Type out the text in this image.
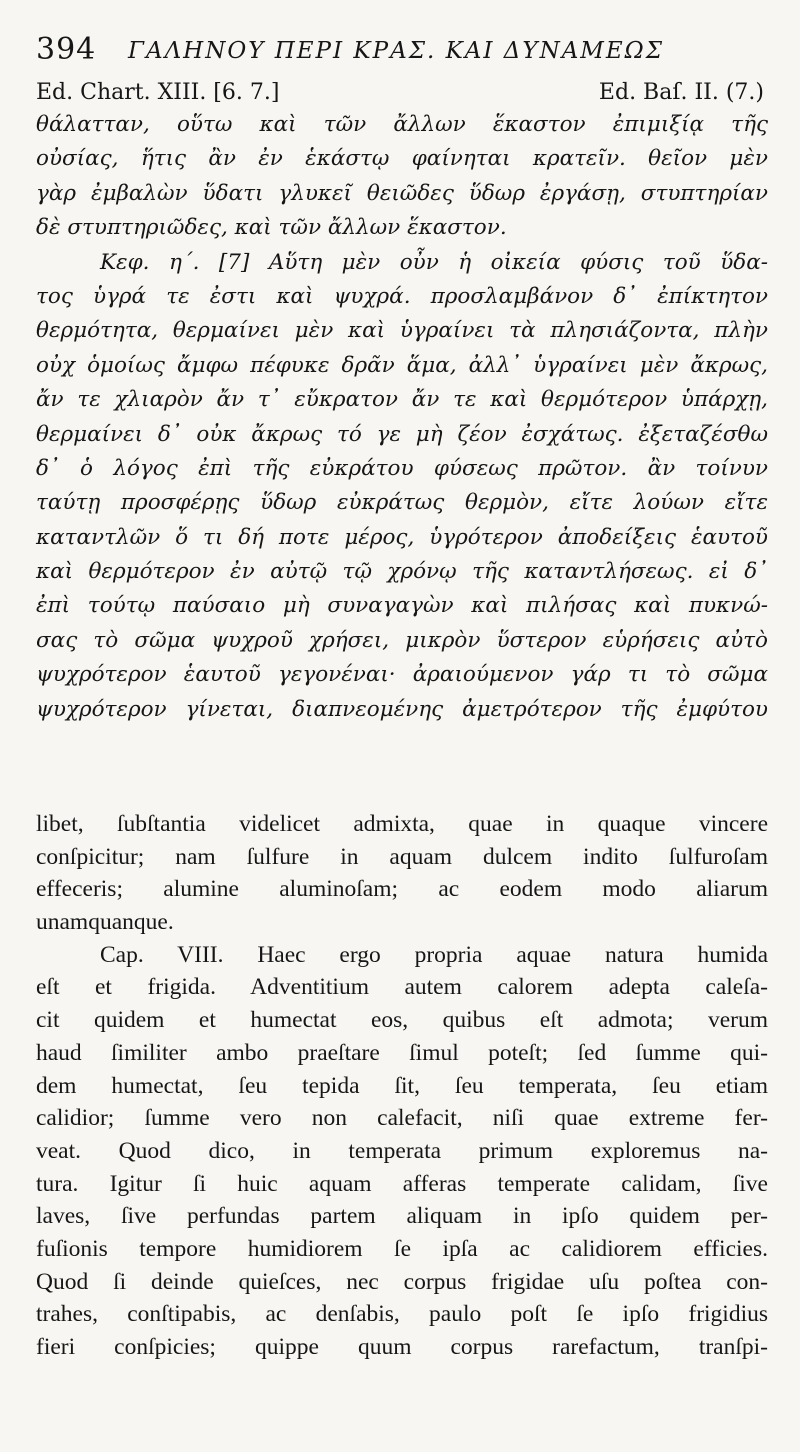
394 ΓΑΛΗΝΟΥ ΠΕΡΙ ΚΡΑΣ. ΚΑΙ ΔΥΝΑΜΕΩΣ
Ed. Chart. XIII. [6. 7.]	Ed. Baſ. II. (7.)
θάλατταν, οὕτω καὶ τῶν ἄλλων ἕκαστον ἐπιμιξίᾳ τῆς
οὐσίας, ἥτις ἂν ἐν ἑκάστῳ φαίνηται κρατεῖν. θεῖον μὲν
γὰρ ἐμβαλὼν ὕδατι γλυκεῖ θειῶδες ὕδωρ ἐργάσῃ, στυπτηρίαν
δὲ στυπτηριῶδες, καὶ τῶν ἄλλων ἕκαστον.
Κεφ. η΄. [7] Αὕτη μὲν οὖν ἡ οἰκεία φύσις τοῦ ὕδα-
τος ὑγρά τε ἐστι καὶ ψυχρά. προσλαμβάνον δ᾽ ἐπίκτητον
θερμότητα, θερμαίνει μὲν καὶ ὑγραίνει τὰ πλησιάζοντα, πλὴν
οὐχ ὁμοίως ἄμφω πέφυκε δρᾶν ἅμα, ἀλλ᾽ ὑγραίνει μὲν ἄκρως,
ἄν τε χλιαρὸν ἄν τ᾽ εὔκρατον ἄν τε καὶ θερμότερον ὑπάρχῃ,
θερμαίνει δ᾽ οὐκ ἄκρως τό γε μὴ ζέον ἐσχάτως. ἐξεταζέσθω
δ᾽ ὁ λόγος ἐπὶ τῆς εὐκράτου φύσεως πρῶτον. ἂν τοίνυν
ταύτῃ προσφέρῃς ὕδωρ εὐκράτως θερμὸν, εἴτε λούων εἴτε
καταντλῶν ὅ τι δή ποτε μέρος, ὑγρότερον ἀποδείξεις ἑαυτοῦ
καὶ θερμότερον ἐν αὐτῷ τῷ χρόνῳ τῆς καταντλήσεως. εἰ δ᾽
ἐπὶ τούτῳ παύσαιο μὴ συναγαγὼν καὶ πιλήσας καὶ πυκνώ-
σας τὸ σῶμα ψυχροῦ χρήσει, μικρὸν ὕστερον εὑρήσεις αὐτὸ
ψυχρότερον ἑαυτοῦ γεγονέναι· ἀραιούμενον γάρ τι τὸ σῶμα
ψυχρότερον γίνεται, διαπνεομένης ἀμετρότερον τῆς ἐμφύτου
libet, ſubſtantia videlicet admixta, quae in quaque vincere
conſpicitur; nam ſulfure in aquam dulcem indito ſulfuroſam
effeceris; alumine aluminoſam; ac eodem modo aliarum
unamquanque.
Cap. VIII. Haec ergo propria aquae natura humida
eſt et frigida. Adventitium autem calorem adepta caleſa-
cit quidem et humectat eos, quibus eſt admota; verum
haud ſimiliter ambo praeſtare ſimul poteſt; ſed ſumme qui-
dem humectat, ſeu tepida ſit, ſeu temperata, ſeu etiam
calidior; ſumme vero non calefacit, niſi quae extreme fer-
veat. Quod dico, in temperata primum exploremus na-
tura. Igitur ſi huic aquam afferas temperate calidam, ſive
laves, ſive perfundas partem aliquam in ipſo quidem per-
fuſionis tempore humidiorem ſe ipſa ac calidiorem efficies.
Quod ſi deinde quieſces, nec corpus frigidae uſu poſtea con-
trahes, conſtipabis, ac denſabis, paulo poſt ſe ipſo frigidius
fieri conſpicies; quippe quum corpus rarefactum, tranſpi-
